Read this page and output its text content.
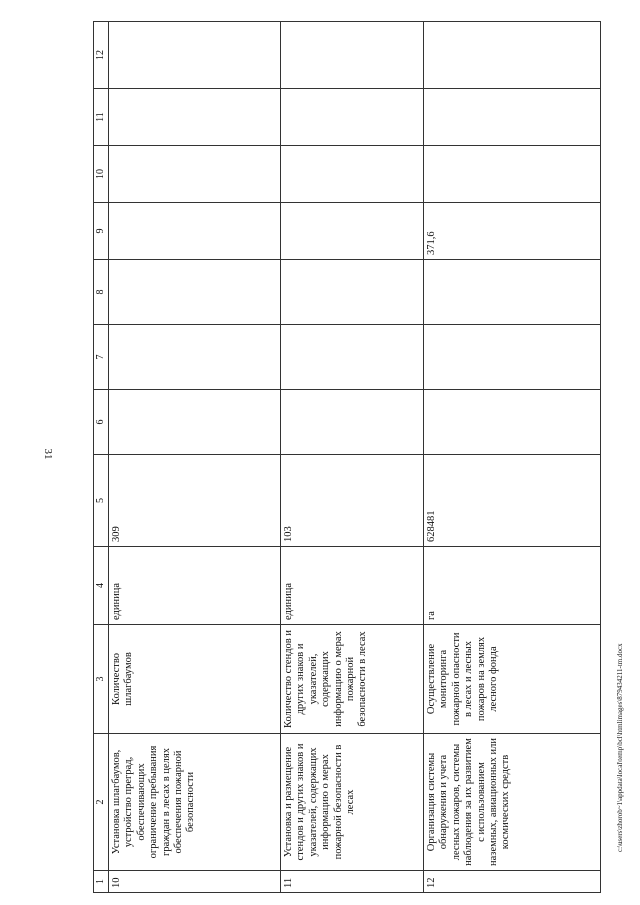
31
1	2	3	4	5	6	7	8	9	10	11	12
10	Установка шлагбаумов, устройство преград, обеспечивающих ограничение пребывания граждан в лесах в целях обеспечения пожарной безопасности	Количество шлагбаумов	единица	309							
11	Установка и размещение стендов и других знаков и указателей, содержащих информацию о мерах пожарной безопасности в лесах	Количество стендов и других знаков и указателей, содержащих информацию о мерах пожарной безопасности в лесах	единица	103							
12	Организация системы обнаружения и учета лесных пожаров, системы наблюдения за их развитием с использованием наземных, авиационных или космических средств	Осуществление мониторинга пожарной опасности в лесах и лесных пожаров на землях лесного фонда	га	628481				371,6			
c:\users\zhorob~1\appdata\local\temp\bcl\htmlimages\879434211-tm.docx
